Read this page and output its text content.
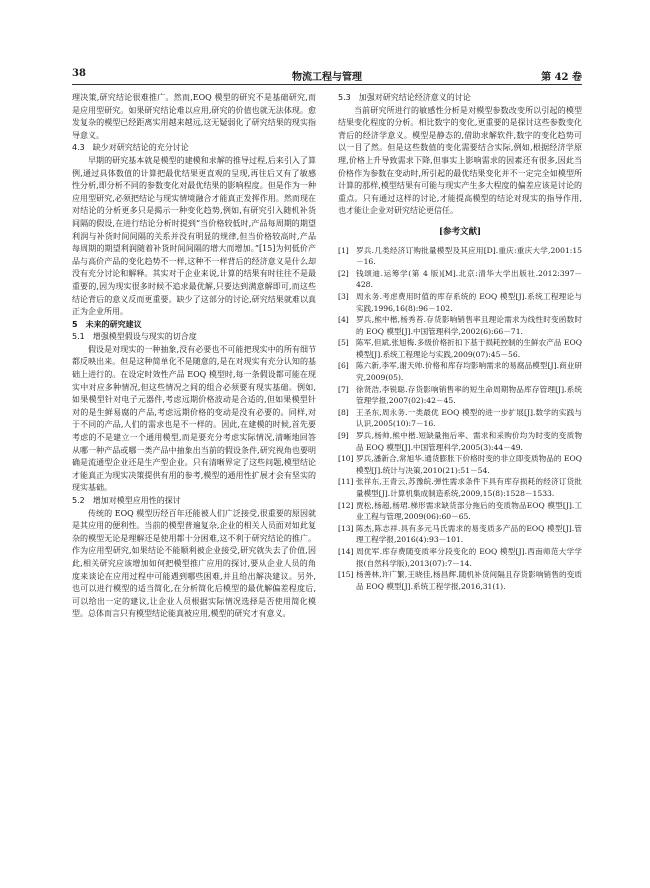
38	物流工程与管理	第 42 卷

理决策,研究结论很难推广。然而,EOQ 模型的研究不是基础研究,而是应用型研究。如果研究结论难以应用,研究的价值也就无法体现。愈发复杂的模型已经距离实用越来越远,这无疑弱化了研究结果的现实指导意义。

4.3　缺少对研究结论的充分讨论

早期的研究基本就是模型的建模和求解的推导过程,后来引入了算例,通过具体数值的计算把最优结果更直观的呈现,再往后又有了敏感性分析,即分析不同的参数变化对最优结果的影响程度。但是作为一种应用型研究,必须把结论与现实情境融合才能真正发挥作用。然而现在对结论的分析更多只是揭示一种变化趋势,例如,有研究引入随机补货间隔的假设,在进行结论分析时提到“当价格较低时,产品每周期的期望利润与补货时间间隔的关系并没有明显的规律,但当价格较高时,产品每周期的期望利润随着补货时间间隔的增大而增加。”[15]为何低价产品与高价产品的变化趋势不一样,这种不一样背后的经济意义是什么却没有充分讨论和解释。其实对于企业来说,计算的结果有时往往不是最重要的,因为现实很多时候不追求最优解,只要达到满意解即可,而这些结论背后的意义反而更重要。缺少了这部分的讨论,研究结果就难以真正为企业所用。

5　未来的研究建议
5.1　增强模型假设与现实的切合度

假设是对现实的一种抽象,没有必要也不可能把现实中的所有细节都反映出来。但是这种简单化不是随意的,是在对现实有充分认知的基础上进行的。在设定时效性产品 EOQ 模型时,每一条假设都可能在现实中对应多种情况,但这些情况之间的组合必须要有现实基础。例如,如果模型针对电子元器件,考虑远期价格波动是合适的,但如果模型针对的是生鲜易腐的产品,考虑远期价格的变动是没有必要的。同样,对于不同的产品,人们的需求也是不一样的。因此,在建模的时候,首先要考虑的不是建立一个通用模型,而是要充分考虑实际情况,清晰地回答从哪一种产品或哪一类产品中抽象出当前的假设条件,研究视角也要明确是流通型企业还是生产型企业。只有清晰界定了这些问题,模型结论才能真正为现实决策提供有用的参考,模型的通用性扩展才会有坚实的现实基础。

5.2　增加对模型应用性的探讨

传统的 EOQ 模型历经百年还能被人们广泛接受,很重要的原因就是其应用的便利性。当前的模型普遍复杂,企业的相关人员面对如此复杂的模型无论是理解还是使用都十分困难,这不利于研究结论的推广。作为应用型研究,如果结论不能顺利被企业接受,研究就失去了价值,因此,相关研究应该增加如何把模型推广应用的探讨,要从企业人员的角度来谈论在应用过程中可能遇到哪些困难,并且给出解决建议。另外,也可以进行模型的适当简化,在分析简化后模型的最优解偏差程度后,可以给出一定的建议,让企业人员根据实际情况选择是否使用简化模型。总体而言只有模型结论能真被应用,模型的研究才有意义。

5.3　加强对研究结论经济意义的讨论

当前研究所进行的敏感性分析是对模型参数改变所以引起的模型结果变化程度的分析。相比数字的变化,更重要的是探讨这些参数变化背后的经济学意义。模型是静态的,借助求解软件,数字的变化趋势可以一目了然。但是这些数值的变化需要结合实际,例如,根据经济学原理,价格上升导致需求下降,但事实上影响需求的因素还有很多,因此当价格作为参数在变动时,所引起的最优结果变化并不一定完全如模型所计算的那样,模型结果有可能与现实产生多大程度的偏差应该是讨论的重点。只有通过这样的讨论,才能提高模型的结论对现实的指导作用,也才能让企业对研究结论更信任。

[参考文献]
[1] 罗兵.几类经济订购批量模型及其应用[D].重庆:重庆大学,2001:15－16.
[2] 钱颂迪.运筹学(第 4 版)[M].北京:清华大学出版社.2012:397－428.
[3] 周永务.考虑费用时值的库存系统的 EOQ 模型[J].系统工程理论与实践,1996,16(8):96－102.
[4] 罗兵,熊中楷,杨秀苔.存货影响销售率且理论需求为线性时变函数时的 EOQ 模型[J].中国管理科学,2002(6):66－71.
[5] 陈军,但斌,张旭梅.多级价格折扣下基于损耗控制的生鲜农产品 EOQ 模型[J].系统工程理论与实践,2009(07):45－56.
[6] 陈六新,李军,谢天帅.价格和库存均影响需求的易腐品模型[J].商业研究,2009(05).
[7] 徐贤浩,李锐聪.存货影响销售率的短生命周期物品库存管理[J].系统管理学报,2007(02):42－45.
[8] 王圣东,周永务.一类最优 EOQ 模型的进一步扩展[J].数学的实践与认识,2005(10):7－16.
[9] 罗兵,杨帅,熊中楷.短缺量拖后率、需求和采购价均为时变的变质物品 EOQ 模型[J].中国管理科学,2005(3):44－49.
[10] 罗兵,潘新合,常旭华.通货膨胀下价格时变的非立即变质物品的 EOQ 模型[J].统计与决策,2010(21):51－54.
[11] 张祥东,王青云,苏豫皖.弹性需求条件下具有库存损耗的经济订货批量模型[J].计算机集成制造系统,2009,15(8):1528－1533.
[12] 贾松,杨超,杨珺.梯形需求缺货部分拖后的变质物品EOQ 模型[J].工业工程与管理,2009(06):60－65.
[13] 陈杰,陈志祥.具有多元马氏需求的易变质多产品的EOQ 模型[J].管理工程学报,2016(4):93－101.
[14] 周优军.库存费随变质率分段变化的 EOQ 模型[J].西南师范大学学报(自然科学版),2013(07):7－14.
[15] 杨善林,许广繁,王晓佳,杨昌辉.随机补货间隔且存货影响销售的变质品 EOQ 模型[J].系统工程学报,2016,31(1).
